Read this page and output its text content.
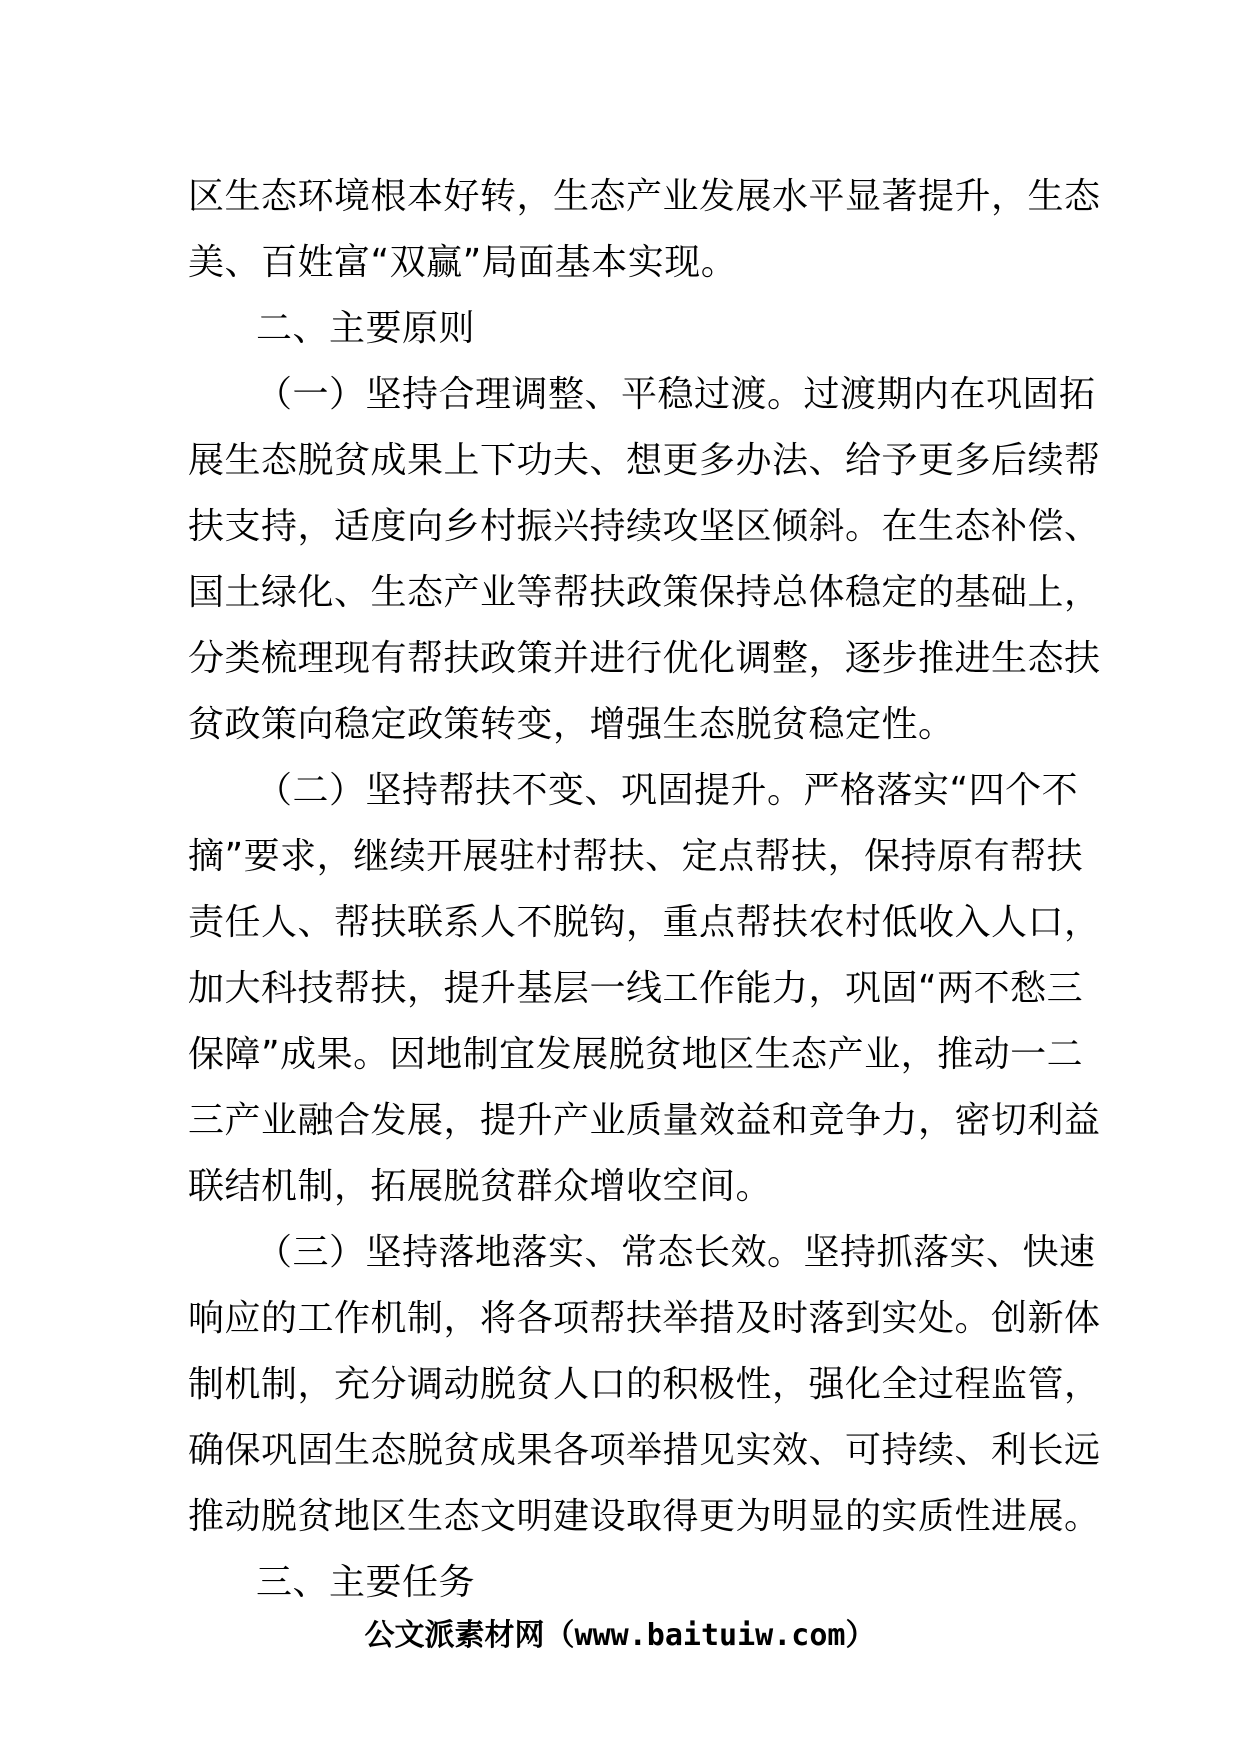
区生态环境根本好转，生态产业发展水平显著提升，生态
美、百姓富“双赢”局面基本实现。
二、主要原则
（一）坚持合理调整、平稳过渡。过渡期内在巩固拓
展生态脱贫成果上下功夫、想更多办法、给予更多后续帮
扶支持，适度向乡村振兴持续攻坚区倾斜。在生态补偿、
国土绿化、生态产业等帮扶政策保持总体稳定的基础上，
分类梳理现有帮扶政策并进行优化调整，逐步推进生态扶
贫政策向稳定政策转变，增强生态脱贫稳定性。
（二）坚持帮扶不变、巩固提升。严格落实“四个不
摘”要求，继续开展驻村帮扶、定点帮扶，保持原有帮扶
责任人、帮扶联系人不脱钩，重点帮扶农村低收入人口，
加大科技帮扶，提升基层一线工作能力，巩固“两不愁三
保障”成果。因地制宜发展脱贫地区生态产业，推动一二
三产业融合发展，提升产业质量效益和竞争力，密切利益
联结机制，拓展脱贫群众增收空间。
（三）坚持落地落实、常态长效。坚持抓落实、快速
响应的工作机制，将各项帮扶举措及时落到实处。创新体
制机制，充分调动脱贫人口的积极性，强化全过程监管，
确保巩固生态脱贫成果各项举措见实效、可持续、利长远
推动脱贫地区生态文明建设取得更为明显的实质性进展。
三、主要任务
公文派素材网（www.baituiw.com）
